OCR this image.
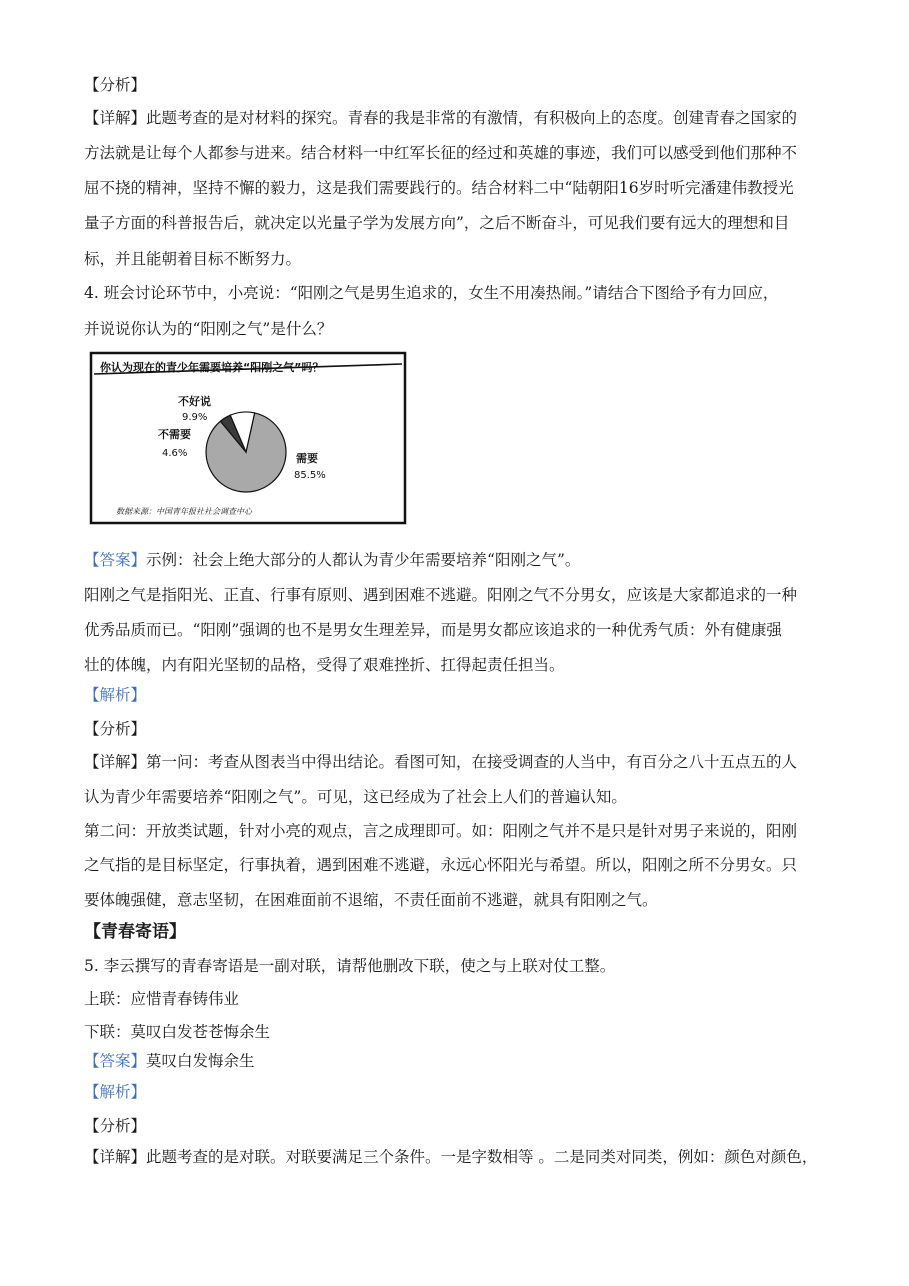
【分析】
【详解】此题考查的是对材料的探究。青春的我是非常的有激情，有积极向上的态度。创建青春之国家的
方法就是让每个人都参与进来。结合材料一中红军长征的经过和英雄的事迹，我们可以感受到他们那种不
屈不挠的精神，坚持不懈的毅力，这是我们需要践行的。结合材料二中“陆朝阳16岁时听完潘建伟教授光
量子方面的科普报告后，就决定以光量子学为发展方向”，之后不断奋斗，可见我们要有远大的理想和目
标，并且能朝着目标不断努力。
4. 班会讨论环节中，小亮说：“阳刚之气是男生追求的，女生不用凑热闹。”请结合下图给予有力回应，
并说说你认为的“阳刚之气”是什么？
你认为现在的青少年需要培养“阳刚之气”吗？
不好说
9.9%
不需要
4.6%	需要
85.5%
数据来源：中国青年报社社会调查中心
【答案】示例：社会上绝大部分的人都认为青少年需要培养“阳刚之气”。
阳刚之气是指阳光、正直、行事有原则、遇到困难不逃避。阳刚之气不分男女，应该是大家都追求的一种
优秀品质而已。“阳刚”强调的也不是男女生理差异，而是男女都应该追求的一种优秀气质：外有健康强
壮的体魄，内有阳光坚韧的品格，受得了艰难挫折、扛得起责任担当。
【解析】
【分析】
【详解】第一问：考查从图表当中得出结论。看图可知，在接受调查的人当中，有百分之八十五点五的人
认为青少年需要培养“阳刚之气”。可见，这已经成为了社会上人们的普遍认知。
第二问：开放类试题，针对小亮的观点，言之成理即可。如：阳刚之气并不是只是针对男子来说的，阳刚
之气指的是目标坚定，行事执着，遇到困难不逃避，永远心怀阳光与希望。所以，阳刚之所不分男女。只
要体魄强健，意志坚韧，在困难面前不退缩，不责任面前不逃避，就具有阳刚之气。
【青春寄语】
5. 李云撰写的青春寄语是一副对联，请帮他删改下联，使之与上联对仗工整。
上联：应惜青春铸伟业
下联：莫叹白发苍苍悔余生
【答案】莫叹白发悔余生
【解析】
【分析】
【详解】此题考查的是对联。对联要满足三个条件。一是字数相等 。二是同类对同类，例如：颜色对颜色，
